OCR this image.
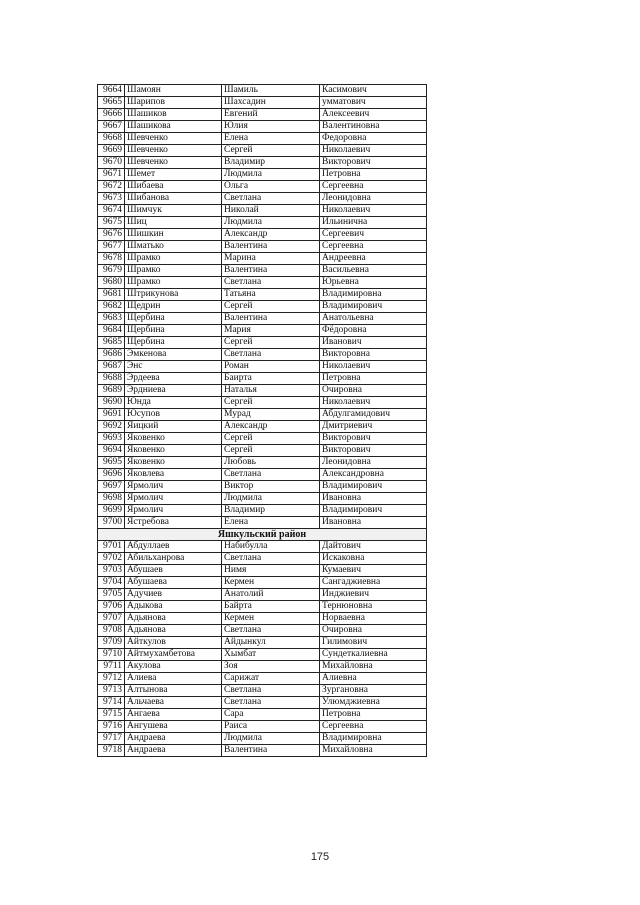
9664	Шамоян	Шамиль	Касимович
9665	Шарипов	Шахсадин	умматович
9666	Шашиков	Евгений	Алексеевич
9667	Шашикова	Юлия	Валентиновна
9668	Шевченко	Елена	Федоровна
9669	Шевченко	Сергей	Николаевич
9670	Шевченко	Владимир	Викторович
9671	Шемет	Людмила	Петровна
9672	Шибаева	Ольга	Сергеевна
9673	Шибанова	Светлана	Леонидовна
9674	Шимчук	Николай	Николаевич
9675	Шиц	Людмила	Ильинична
9676	Шишкин	Александр	Сергеевич
9677	Шматько	Валентина	Сергеевна
9678	Шрамко	Марина	Андреевна
9679	Шрамко	Валентина	Васильевна
9680	Шрамко	Светлана	Юрьевна
9681	Штрикунова	Татьяна	Владимировна
9682	Щедрин	Сергей	Владимирович
9683	Щербина	Валентина	Анатольевна
9684	Щербина	Мария	Фёдоровна
9685	Щербина	Сергей	Иванович
9686	Эмкенова	Светлана	Викторовна
9687	Энс	Роман	Николаевич
9688	Эрдеева	Баирта	Петровна
9689	Эрдниева	Наталья	Очировна
9690	Юнда	Сергей	Николаевич
9691	Юсупов	Мурад	Абдулгамидович
9692	Яицкий	Александр	Дмитриевич
9693	Яковенко	Сергей	Викторович
9694	Яковенко	Сергей	Викторович
9695	Яковенко	Любовь	Леонидовна
9696	Яковлева	Светлана	Александровна
9697	Ярмолич	Виктор	Владимирович
9698	Ярмолич	Людмила	Ивановна
9699	Ярмолич	Владимир	Владимирович
9700	Ястребова	Елена	Ивановна
Яшкульский район			
9701	Абдуллаев	Набибулла	Дайтович
9702	Абильханрова	Светлана	Искаковна
9703	Абушаев	Нимя	Кумаевич
9704	Абушаева	Кермен	Сангаджиевна
9705	Адучиев	Анатолий	Инджиевич
9706	Адыкова	Байрта	Тернюновна
9707	Адьянова	Кермен	Норваевна
9708	Адьянова	Светлана	Очировна
9709	Айткулов	Айдынкул	Гилимович
9710	Айтмухамбетова	Хымбат	Сундеткалиевна
9711	Акулова	Зоя	Михайловна
9712	Алиева	Сарижат	Алиевна
9713	Алтынова	Светлана	Зургановна
9714	Альчаева	Светлана	Улюмджиевна
9715	Ангаева	Сара	Петровна
9716	Ангушева	Раиса	Сергеевна
9717	Андраева	Людмила	Владимировна
9718	Андраева	Валентина	Михайловна
175
